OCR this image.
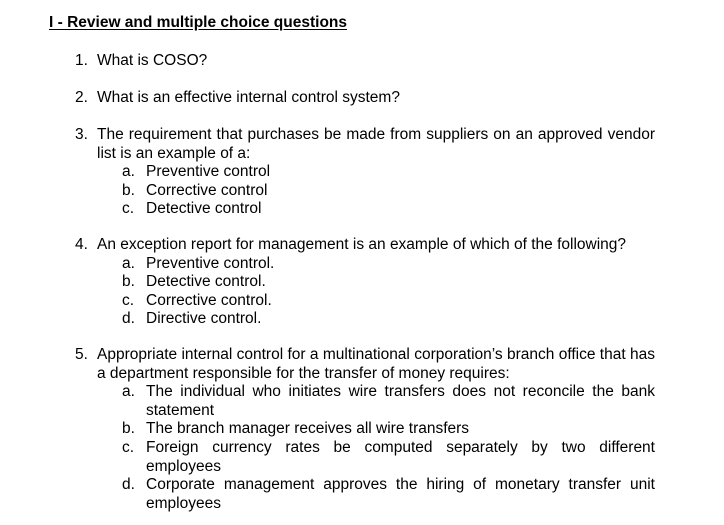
I - Review and multiple choice questions
1. What is COSO?
2. What is an effective internal control system?
3. The requirement that purchases be made from suppliers on an approved vendor list is an example of a:
a. Preventive control
b. Corrective control
c. Detective control
4. An exception report for management is an example of which of the following?
a. Preventive control.
b. Detective control.
c. Corrective control.
d. Directive control.
5. Appropriate internal control for a multinational corporation’s branch office that has a department responsible for the transfer of money requires:
a. The individual who initiates wire transfers does not reconcile the bank statement
b. The branch manager receives all wire transfers
c. Foreign currency rates be computed separately by two different employees
d. Corporate management approves the hiring of monetary transfer unit employees
